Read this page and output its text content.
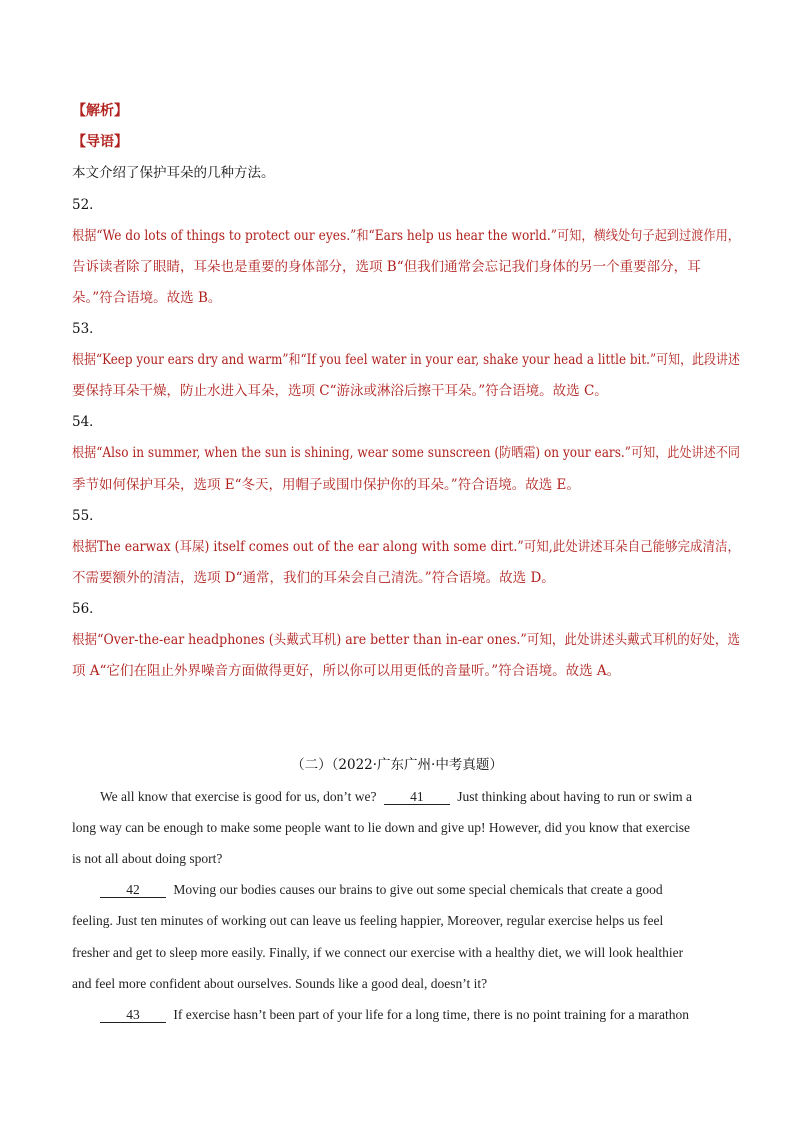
【解析】
【导语】
本文介绍了保护耳朵的几种方法。
52．
根据“We do lots of things to protect our eyes.”和“Ears help us hear the world.”可知，横线处句子起到过渡作用，
告诉读者除了眼睛，耳朵也是重要的身体部分，选项 B“但我们通常会忘记我们身体的另一个重要部分，耳
朵。”符合语境。故选 B。
53．
根据“Keep your ears dry and warm”和“If you feel water in your ear, shake your head a little bit.”可知，此段讲述
要保持耳朵干燥，防止水进入耳朵，选项 C“游泳或淋浴后擦干耳朵。”符合语境。故选 C。
54．
根据“Also in summer, when the sun is shining, wear some sunscreen (防晒霜) on your ears.”可知，此处讲述不同
季节如何保护耳朵，选项 E“冬天，用帽子或围巾保护你的耳朵。”符合语境。故选 E。
55．
根据The earwax (耳屎) itself comes out of the ear along with some dirt.”可知,此处讲述耳朵自己能够完成清洁，
不需要额外的清洁，选项 D“通常，我们的耳朵会自己清洗。”符合语境。故选 D。
56．
根据“Over-the-ear headphones (头戴式耳机) are better than in-ear ones.”可知，此处讲述头戴式耳机的好处，选
项 A“它们在阻止外界噪音方面做得更好，所以你可以用更低的音量听。”符合语境。故选 A。
（二）（2022·广东广州·中考真题）
We all know that exercise is good for us, don’t we? 41 Just thinking about having to run or swim a
long way can be enough to make some people want to lie down and give up! However, did you know that exercise
is not all about doing sport?
42 Moving our bodies causes our brains to give out some special chemicals that create a good
feeling. Just ten minutes of working out can leave us feeling happier, Moreover, regular exercise helps us feel
fresher and get to sleep more easily. Finally, if we connect our exercise with a healthy diet, we will look healthier
and feel more confident about ourselves. Sounds like a good deal, doesn’t it?
43 If exercise hasn’t been part of your life for a long time, there is no point training for a marathon
